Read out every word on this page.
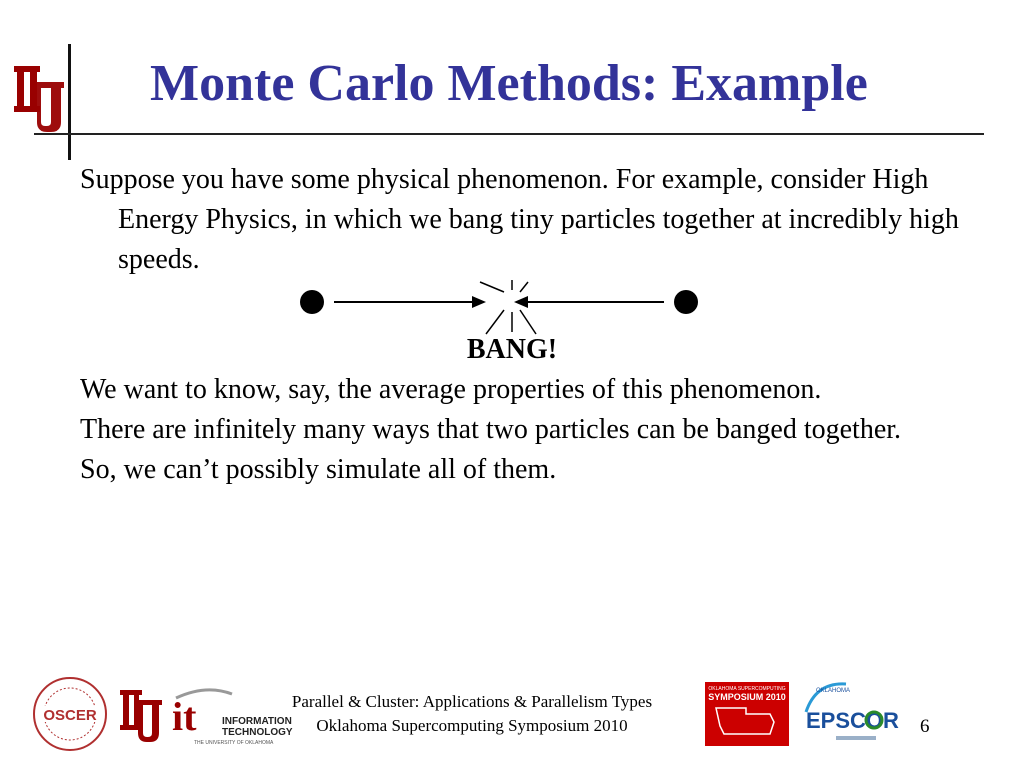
Monte Carlo Methods: Example

Suppose you have some physical phenomenon. For example, consider High Energy Physics, in which we bang tiny particles together at incredibly high speeds.

BANG!

We want to know, say, the average properties of this phenomenon.

There are infinitely many ways that two particles can be banged together.

So, we can’t possibly simulate all of them.

OSCER it	INFORMATION
TECHNOLOGY
THE UNIVERSITY OF OKLAHOMA
OKLAHOMA SUPERCOMPUTING
SYMPOSIUM 2010
OKLAHOMA
EPSCOR
Parallel & Cluster: Applications & Parallelism Types
Oklahoma Supercomputing Symposium 2010	6
